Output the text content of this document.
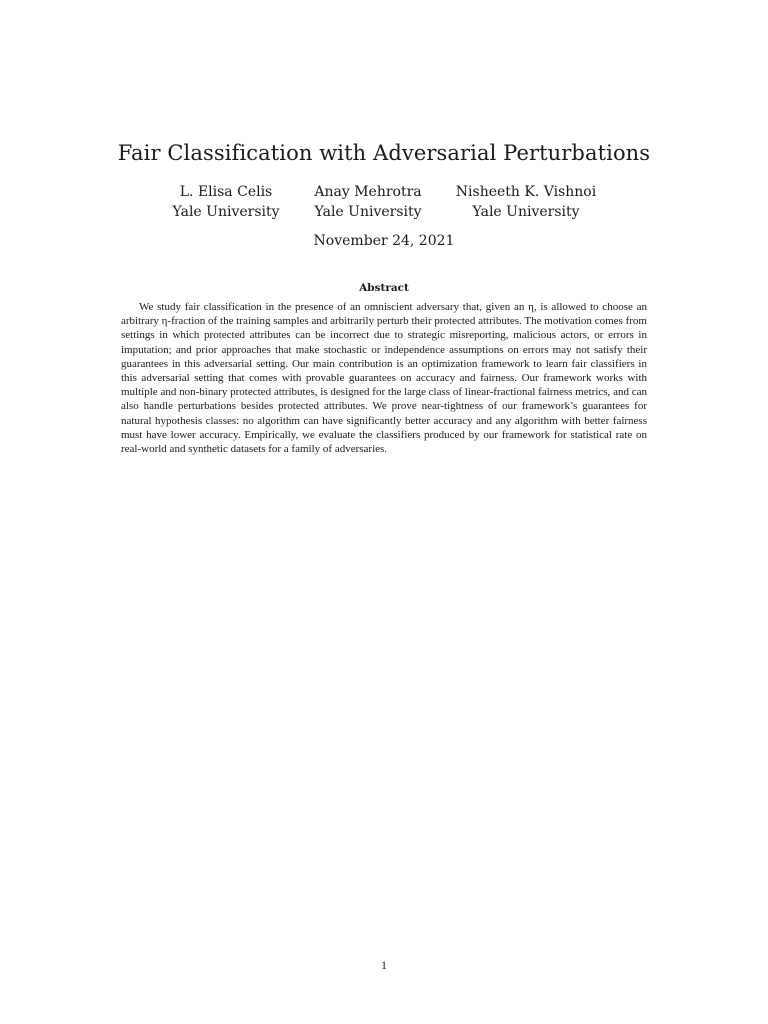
Fair Classification with Adversarial Perturbations
L. Elisa Celis
Yale University
Anay Mehrotra
Yale University
Nisheeth K. Vishnoi
Yale University
November 24, 2021
Abstract

We study fair classification in the presence of an omniscient adversary that, given an η, is allowed to choose an arbitrary η-fraction of the training samples and arbitrarily perturb their protected attributes. The motivation comes from settings in which protected attributes can be incorrect due to strategic misreporting, malicious actors, or errors in imputation; and prior approaches that make stochastic or independence assumptions on errors may not satisfy their guarantees in this adversarial setting. Our main contribution is an optimization framework to learn fair classifiers in this adversarial setting that comes with provable guarantees on accuracy and fairness. Our framework works with multiple and non-binary protected attributes, is designed for the large class of linear-fractional fairness metrics, and can also handle perturbations besides protected attributes. We prove near-tightness of our framework’s guarantees for natural hypothesis classes: no algorithm can have significantly better accuracy and any algorithm with better fairness must have lower accuracy. Empirically, we evaluate the classifiers produced by our framework for statistical rate on real-world and synthetic datasets for a family of adversaries.

1
